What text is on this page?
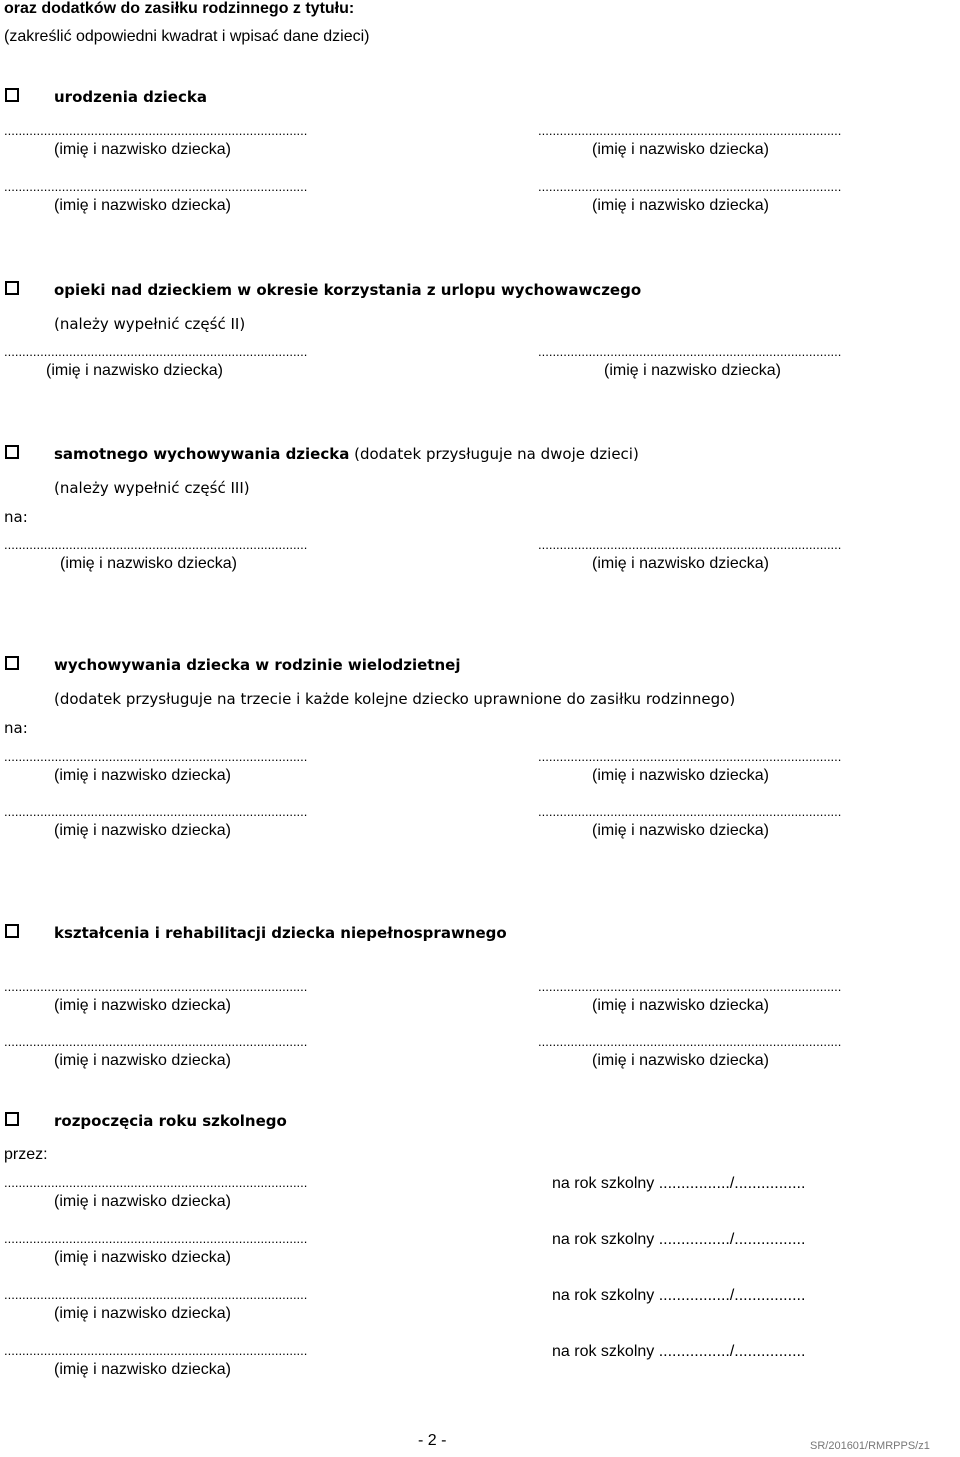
oraz dodatków do zasiłku rodzinnego z tytułu:
(zakreślić odpowiedni kwadrat i wpisać dane dzieci)
urodzenia dziecka
....................................................................................	....................................................................................
(imię i nazwisko dziecka)	(imię i nazwisko dziecka)
....................................................................................	....................................................................................
(imię i nazwisko dziecka)	(imię i nazwisko dziecka)
opieki nad dzieckiem w okresie korzystania z urlopu wychowawczego
(należy wypełnić część II)
....................................................................................	....................................................................................
(imię i nazwisko dziecka)	(imię i nazwisko dziecka)
samotnego wychowywania dziecka (dodatek przysługuje na dwoje dzieci)
(należy wypełnić część III)
na:
....................................................................................	....................................................................................
(imię i nazwisko dziecka)	(imię i nazwisko dziecka)
wychowywania dziecka w rodzinie wielodzietnej
(dodatek przysługuje na trzecie i każde kolejne dziecko uprawnione do zasiłku rodzinnego)
na:
....................................................................................	....................................................................................
(imię i nazwisko dziecka)	(imię i nazwisko dziecka)
....................................................................................	....................................................................................
(imię i nazwisko dziecka)	(imię i nazwisko dziecka)
kształcenia i rehabilitacji dziecka niepełnosprawnego
....................................................................................	....................................................................................
(imię i nazwisko dziecka)	(imię i nazwisko dziecka)
....................................................................................	....................................................................................
(imię i nazwisko dziecka)	(imię i nazwisko dziecka)
rozpoczęcia roku szkolnego
przez:
....................................................................................	na rok szkolny ................/................
(imię i nazwisko dziecka)
....................................................................................	na rok szkolny ................/................
(imię i nazwisko dziecka)
....................................................................................	na rok szkolny ................/................
(imię i nazwisko dziecka)
....................................................................................	na rok szkolny ................/................
(imię i nazwisko dziecka)
- 2 -	SR/201601/RMRPPS/z1
